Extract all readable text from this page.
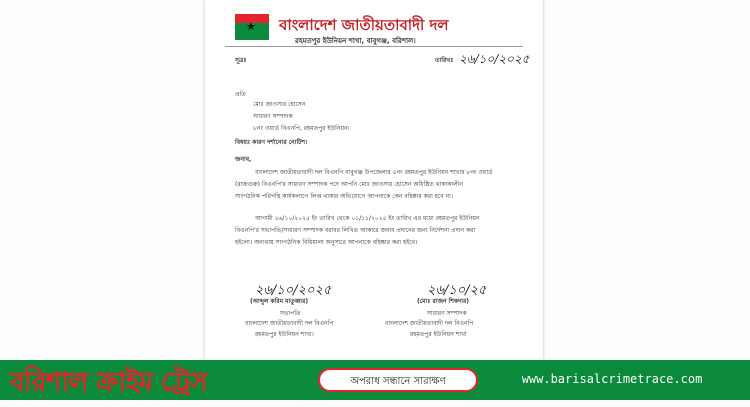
★ বাংলাদেশ জাতীয়তাবাদী দল
রহমতপুর ইউনিয়ন শাখা, বাবুগঞ্জ, বরিশাল।
সূত্রঃ	তারিখঃ ২৬/১০/২০২৫
প্রতি
মোঃ জাওসার হোসেন
সাধারণ সম্পাদক
৮নং ওয়ার্ড বিএনপি, রহমতপুর ইউনিয়ন।
বিষয়ঃ কারণ দর্শানোর নোটিশ।
জনাব,
বাংলাদেশ জাতীয়তাবাদী দল বিএনপি বাবুগঞ্জ উপজেলার ৫নং রহমতপুর ইউনিয়ন শাখার ৮নং ওয়ার্ড
(রাজগুরু) বিএনপি'র সাধারণ সম্পাদক পদে আপনি মোঃ জাওসার হোসেন অধিষ্ঠিত থাকাকালীন
সাংগঠনিক পরিপন্থি কার্যকলাপে লিপ্ত থাকার অভিযোগে আপনাকে কেন বহিষ্কার করা হবে না।
আগামী ২৬/১০/২০২৫ ইং তারিখ থেকে ০১/১১/২০২৫ ইং তারিখ এর মধ্যে রহমতপুর ইউনিয়ন
বিএনপি'র সভাপতি/সাধারণ সম্পাদক বরাবর লিখিত আকারে জবাব প্রদানের জন্য নির্দেশনা প্রদান করা
হইলো। অন্যথায় সাংগঠনিক বিধিমালা অনুসারে আপনাকে বহিষ্কার করা হইবে।
২৬/১০/২০২৫
(আব্দুল করিম মাতুব্বার)
সভাপতি
বাংলাদেশ জাতীয়তাবাদী দল বিএনপি
রহমতপুর ইউনিয়ন শাখা।
২৬/১০/২৫
(মোঃ রাজন শিকদার)
সাধারণ সম্পাদক
বাংলাদেশ জাতীয়তাবাদী দল বিএনপি
রহমতপুর ইউনিয়ন শাখা
বরিশাল ক্রাইম ট্রেস	অপরাধ সন্ধানে সারাক্ষণ	www.barisalcrimetrace.com
